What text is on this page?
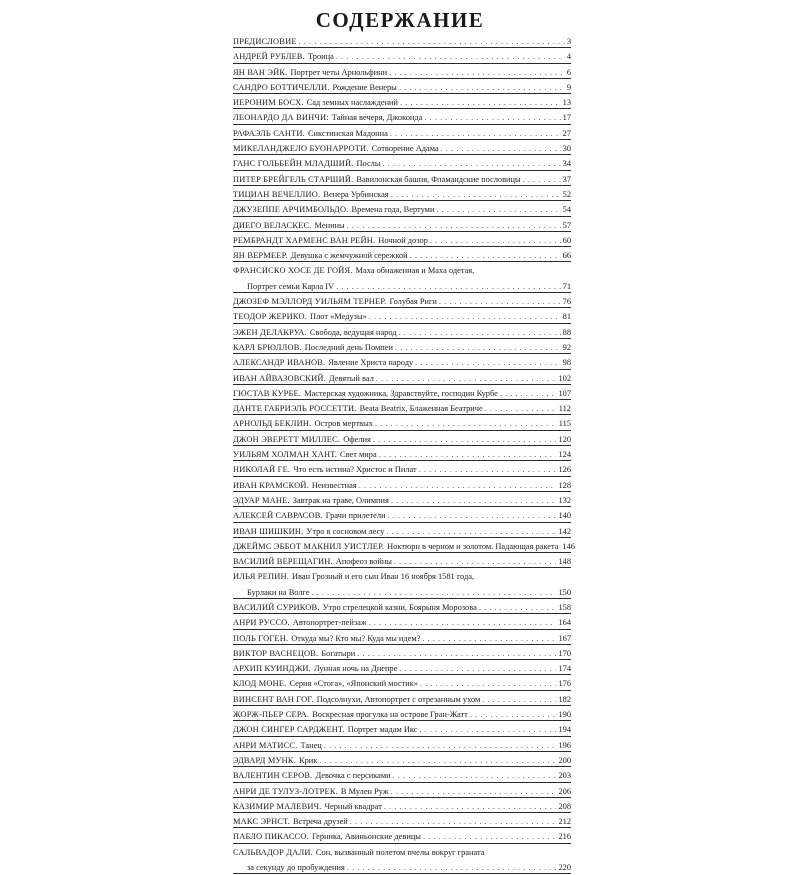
СОДЕРЖАНИЕ
ПРЕДИСЛОВИЕ . . .	3
АНДРЕЙ РУБЛЕВ. Троица . . .	4
ЯН ВАН ЭЙК. Портрет четы Арнольфини . . .	6
САНДРО БОТТИЧЕЛЛИ. Рождение Венеры . . .	9
ИЕРОНИМ БОСХ. Сад земных наслаждений . . .	13
ЛЕОНАРДО ДА ВИНЧИ: Тайная вечеря, Джоконда . . .	17
РАФАЭЛЬ САНТИ. Сикстинская Мадонна . . .	27
МИКЕЛАНДЖЕЛО БУОНАРРОТИ. Сотворение Адама . . .	30
ГАНС ГОЛЬБЕЙН МЛАДШИЙ. Послы . . .	34
ПИТЕР БРЕЙГЕЛЬ СТАРШИЙ. Вавилонская башня, Фламандские пословицы . . .	37
ТИЦИАН ВЕЧЕЛЛИО. Венера Урбинская . . .	52
ДЖУЗЕППЕ АРЧИМБОЛЬДО. Времена года, Вертуми . . .	54
ДИЕГО ВЕЛАСКЕС. Менины . . .	57
РЕМБРАНДТ ХАРМЕНС ВАН РЕЙН. Ночной дозор . . .	60
ЯН ВЕРМЕЕР. Девушка с жемчужной сережкой . . .	66
ФРАНСИСКО ХОСЕ ДЕ ГОЙЯ. Маха обнаженная и Маха одетая,
Портрет семьи Карла IV . . .	71
ДЖОЗЕФ МЭЛЛОРД УИЛЬЯМ ТЕРНЕР. Голубая Риги . . .	76
ТЕОДОР ЖЕРИКО. Плот «Медузы» . . .	81
ЭЖЕН ДЕЛАКРУА. Свобода, ведущая народ . . .	88
КАРЛ БРЮЛЛОВ. Последний день Помпеи . . .	92
АЛЕКСАНДР ИВАНОВ. Явление Христа народу . . .	98
ИВАН АЙВАЗОВСКИЙ. Девятый вал . . .	102
ГЮСТАВ КУРБЕ. Мастерская художника, Здравствуйте, господин Курбе . . .	107
ДАНТЕ ГАБРИЭЛЬ РОССЕТТИ. Beata Beatrix, Блаженная Беатриче . . .	112
АРНОЛЬД БЕКЛИН. Остров мертвых . . .	115
ДЖОН ЭВЕРЕТТ МИЛЛЕС. Офелия . . .	120
УИЛЬЯМ ХОЛМАН ХАНТ. Свет мира . . .	124
НИКОЛАЙ ГЕ. Что есть истина? Христос и Пилат . . .	126
ИВАН КРАМСКОЙ. Неизвестная . . .	128
ЭДУАР МАНЕ. Завтрак на траве, Олимпия . . .	132
АЛЕКСЕЙ САВРАСОВ. Грачи прилетели . . .	140
ИВАН ШИШКИН. Утро в сосновом лесу . . .	142
ДЖЕЙМС ЭББОТ МАКНИЛ УИСТЛЕР. Ноктюрн в черном и золотом. Падающая ракета 146
ВАСИЛИЙ ВЕРЕЩАГИН. Апофеоз войны . . .	148
ИЛЬЯ РЕПИН. Иван Грозный и его сын Иван 16 ноября 1581 года,
Бурлаки на Волге . . .	150
ВАСИЛИЙ СУРИКОВ. Утро стрелецкой казни, Боярыня Морозова . . .	158
АНРИ РУССО. Автопортрет-пейзаж . . .	164
ПОЛЬ ГОГЕН. Откуда мы? Кто мы? Куда мы идем? . . .	167
ВИКТОР ВАСНЕЦОВ. Богатыри . . .	170
АРХИП КУИНДЖИ. Лунная ночь на Днепре . . .	174
КЛОД МОНЕ. Серия «Стога», «Японский мостик» . . .	176
ВИНСЕНТ ВАН ГОГ. Подсолнухи, Автопортрет с отрезанным ухом . . .	182
ЖОРЖ-ПЬЕР СЕРА. Воскресная прогулка на острове Гран-Жатт . . .	190
ДЖОН СИНГЕР САРДЖЕНТ. Портрет мадам Икс . . .	194
АНРИ МАТИСС. Танец . . .	196
ЭДВАРД МУНК. Крик . . .	200
ВАЛЕНТИН СЕРОВ. Девочка с персиками . . .	203
АНРИ ДЕ ТУЛУЗ-ЛОТРЕК. В Мулен Руж . . .	206
КАЗИМИР МАЛЕВИЧ. Черный квадрат . . .	208
МАКС ЭРНСТ. Встреча друзей . . .	212
ПАБЛО ПИКАССО. Герника, Авиньонские девицы . . .	216
САЛЬВАДОР ДАЛИ. Сон, вызванный полетом пчелы вокруг граната
за секунду до пробуждения . . .	220
